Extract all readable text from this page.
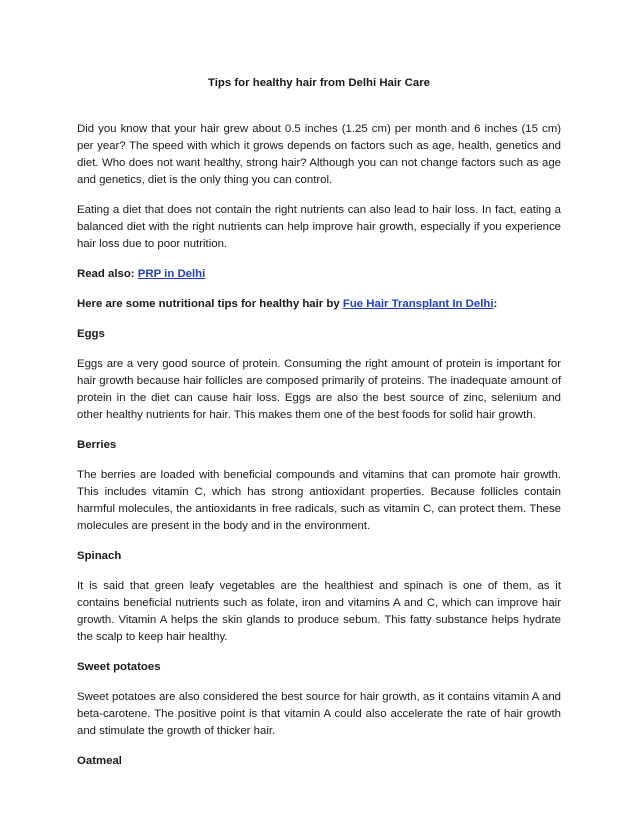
Tips for healthy hair from Delhi Hair Care

Did you know that your hair grew about 0.5 inches (1.25 cm) per month and 6 inches (15 cm) per year? The speed with which it grows depends on factors such as age, health, genetics and diet. Who does not want healthy, strong hair? Although you can not change factors such as age and genetics, diet is the only thing you can control.

Eating a diet that does not contain the right nutrients can also lead to hair loss. In fact, eating a balanced diet with the right nutrients can help improve hair growth, especially if you experience hair loss due to poor nutrition.

Read also: PRP in Delhi

Here are some nutritional tips for healthy hair by Fue Hair Transplant In Delhi:

Eggs

Eggs are a very good source of protein. Consuming the right amount of protein is important for hair growth because hair follicles are composed primarily of proteins. The inadequate amount of protein in the diet can cause hair loss. Eggs are also the best source of zinc, selenium and other healthy nutrients for hair. This makes them one of the best foods for solid hair growth.

Berries

The berries are loaded with beneficial compounds and vitamins that can promote hair growth. This includes vitamin C, which has strong antioxidant properties. Because follicles contain harmful molecules, the antioxidants in free radicals, such as vitamin C, can protect them. These molecules are present in the body and in the environment.

Spinach

It is said that green leafy vegetables are the healthiest and spinach is one of them, as it contains beneficial nutrients such as folate, iron and vitamins A and C, which can improve hair growth. Vitamin A helps the skin glands to produce sebum. This fatty substance helps hydrate the scalp to keep hair healthy.

Sweet potatoes

Sweet potatoes are also considered the best source for hair growth, as it contains vitamin A and beta-carotene. The positive point is that vitamin A could also accelerate the rate of hair growth and stimulate the growth of thicker hair.

Oatmeal
